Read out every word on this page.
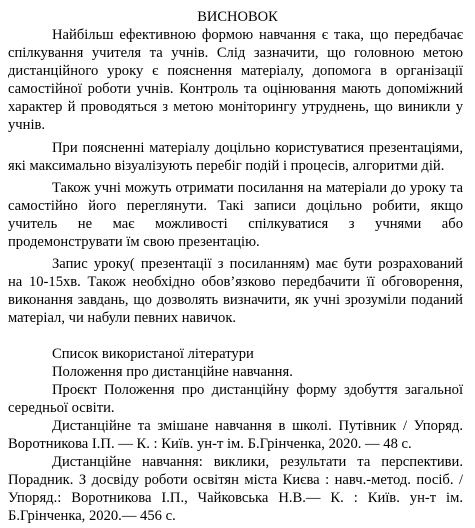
ВИСНОВОК

Найбільш ефективною формою навчання є така, що передбачає спілкування учителя та учнів. Слід зазначити, що головною метою дистанційного уроку є пояснення матеріалу, допомога в організації самостійної роботи учнів. Контроль та оцінювання мають допоміжний характер й проводяться з метою моніторингу утруднень, що виникли у учнів.

При поясненні матеріалу доцільно користуватися презентаціями, які максимально візуалізують перебіг подій і процесів, алгоритми дій.

Також учні можуть отримати посилання на матеріали до уроку та самостійно його переглянути. Такі записи доцільно робити, якщо учитель не має можливості спілкуватися з учнями або продемонструвати їм свою презентацію.

Запис уроку( презентації з посиланням) має бути розрахований на 10-15хв. Також необхідно обов’язково передбачити її обговорення, виконання завдань, що дозволять визначити, як учні зрозуміли поданий матеріал, чи набули певних навичок.

Список використаної літератури

Положення про дистанційне навчання.

Проєкт Положення про дистанційну форму здобуття загальної середньої освіти.

Дистанційне та змішане навчання в школі. Путівник / Упоряд. Воротникова І.П. — К. : Київ. ун-т ім. Б.Грінченка, 2020. — 48 с.

Дистанційне навчання: виклики, результати та перспективи. Порадник. З досвіду роботи освітян міста Києва : навч.-метод. посіб. / Упоряд.: Воротникова І.П., Чайковська Н.В.— К. : Київ. ун-т ім. Б.Грінченка, 2020.— 456 с.
